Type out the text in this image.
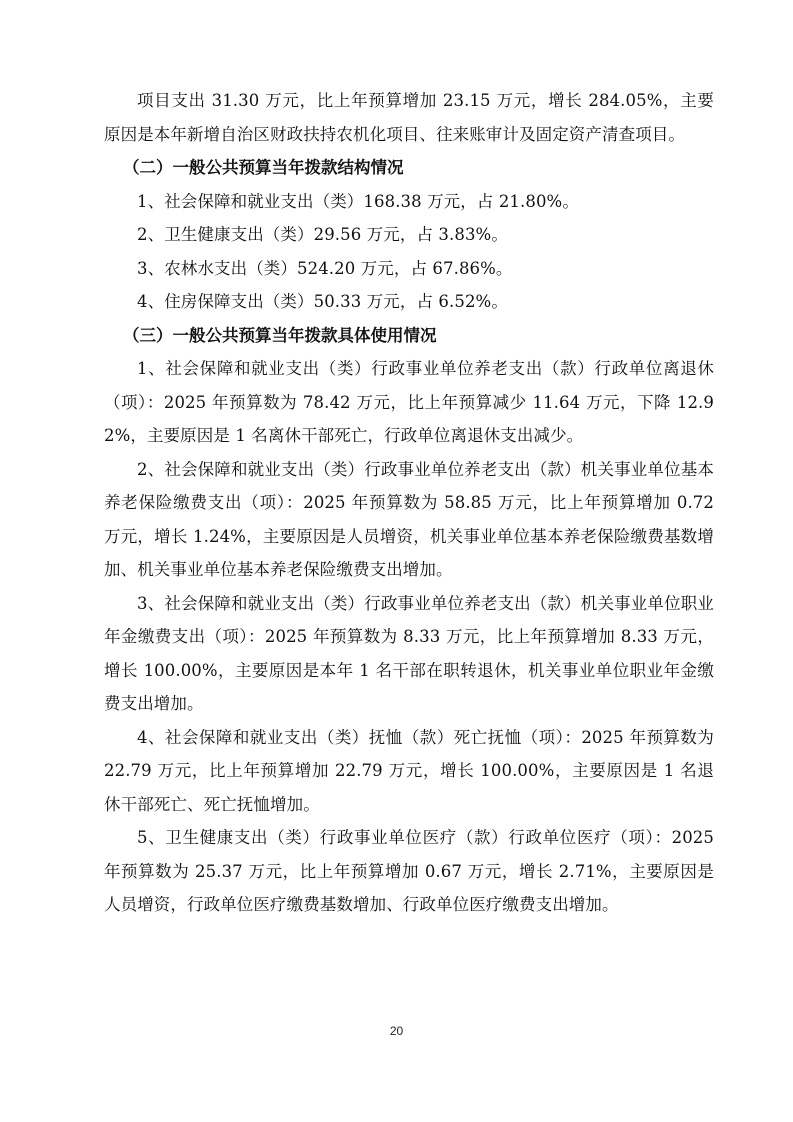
项目支出 31.30 万元，比上年预算增加 23.15 万元，增长 284.05%，主要原因是本年新增自治区财政扶持农机化项目、往来账审计及固定资产清查项目。

（二）一般公共预算当年拨款结构情况

1、社会保障和就业支出（类）168.38 万元，占 21.80%。

2、卫生健康支出（类）29.56 万元，占 3.83%。

3、农林水支出（类）524.20 万元，占 67.86%。

4、住房保障支出（类）50.33 万元，占 6.52%。

（三）一般公共预算当年拨款具体使用情况

1、社会保障和就业支出（类）行政事业单位养老支出（款）行政单位离退休（项）：2025 年预算数为 78.42 万元，比上年预算减少 11.64 万元，下降 12.92%，主要原因是 1 名离休干部死亡，行政单位离退休支出减少。

2、社会保障和就业支出（类）行政事业单位养老支出（款）机关事业单位基本养老保险缴费支出（项）：2025 年预算数为 58.85 万元，比上年预算增加 0.72 万元，增长 1.24%，主要原因是人员增资，机关事业单位基本养老保险缴费基数增加、机关事业单位基本养老保险缴费支出增加。

3、社会保障和就业支出（类）行政事业单位养老支出（款）机关事业单位职业年金缴费支出（项）：2025 年预算数为 8.33 万元，比上年预算增加 8.33 万元，增长 100.00%，主要原因是本年 1 名干部在职转退休，机关事业单位职业年金缴费支出增加。

4、社会保障和就业支出（类）抚恤（款）死亡抚恤（项）：2025 年预算数为 22.79 万元，比上年预算增加 22.79 万元，增长 100.00%，主要原因是 1 名退休干部死亡、死亡抚恤增加。

5、卫生健康支出（类）行政事业单位医疗（款）行政单位医疗（项）：2025 年预算数为 25.37 万元，比上年预算增加 0.67 万元，增长 2.71%，主要原因是人员增资，行政单位医疗缴费基数增加、行政单位医疗缴费支出增加。

20
